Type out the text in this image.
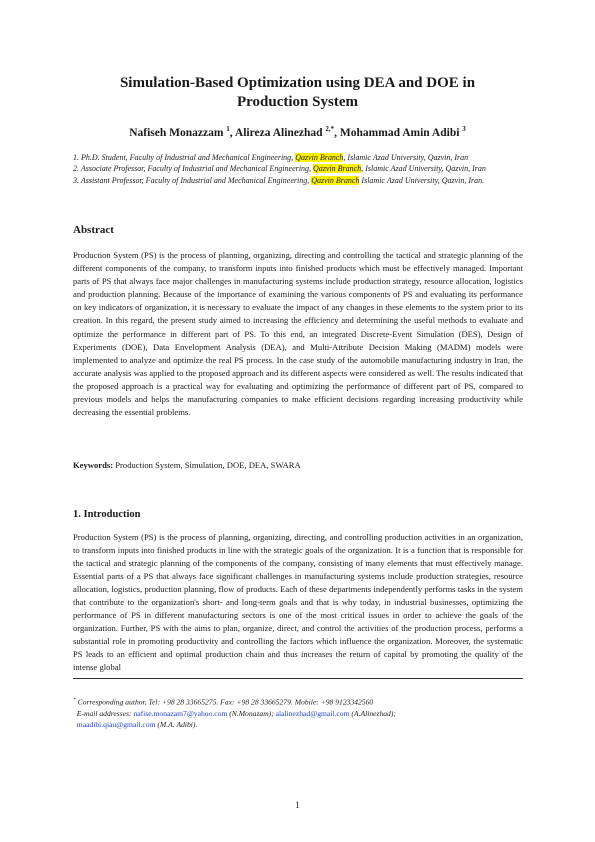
Simulation-Based Optimization using DEA and DOE in
Production System
Nafiseh Monazzam $^1$, Alireza Alinezhad $^{2,*}$, Mohammad Amin Adibi $^3$

1. Ph.D. Student, Faculty of Industrial and Mechanical Engineering, Qazvin Branch, Islamic Azad University, Qazvin, Iran

2. Associate Professor, Faculty of Industrial and Mechanical Engineering, Qazvin Branch, Islamic Azad University, Qazvin, Iran

3. Assistant Professor, Faculty of Industrial and Mechanical Engineering, Qazvin Branch Islamic Azad University, Qazvin, Iran.

Abstract
Production System (PS) is the process of planning, organizing, directing and controlling the tactical and strategic planning of the different components of the company, to transform inputs into finished products which must be effectively managed. Important parts of PS that always face major challenges in manufacturing systems include production strategy, resource allocation, logistics and production planning. Because of the importance of examining the various components of PS and evaluating its performance on key indicators of organization, it is necessary to evaluate the impact of any changes in these elements to the system prior to its creation. In this regard, the present study aimed to increasing the efficiency and determining the useful methods to evaluate and optimize the performance in different part of PS. To this end, an integrated Discrete-Event Simulation (DES), Design of Experiments (DOE), Data Envelopment Analysis (DEA), and Multi-Attribute Decision Making (MADM) models were implemented to analyze and optimize the real PS process. In the case study of the automobile manufacturing industry in Iran, the accurate analysis was applied to the proposed approach and its different aspects were considered as well. The results indicated that the proposed approach is a practical way for evaluating and optimizing the performance of different part of PS, compared to previous models and helps the manufacturing companies to make efficient decisions regarding increasing productivity while decreasing the essential problems.
Keywords: Production System, Simulation, DOE, DEA, SWARA
1. Introduction
Production System (PS) is the process of planning, organizing, directing, and controlling production activities in an organization, to transform inputs into finished products in line with the strategic goals of the organization. It is a function that is responsible for the tactical and strategic planning of the components of the company, consisting of many elements that must effectively manage. Essential parts of a PS that always face significant challenges in manufacturing systems include production strategies, resource allocation, logistics, production planning, flow of products. Each of these departments independently performs tasks in the system that contribute to the organization's short- and long-term goals and that is why today, in industrial businesses, optimizing the performance of PS in different manufacturing sectors is one of the most critical issues in order to achieve the goals of the organization. Further, PS with the aims to plan, organize, direct, and control the activities of the production process, performs a substantial role in promoting productivity and controlling the factors which influence the organization. Moreover, the systematic PS leads to an efficient and optimal production chain and thus increases the return of capital by promoting the quality of the intense global

* Corresponding author, Tel: +98 28 33665275. Fax: +98 28 33665279. Mobile: +98 9123342560

E-mail addresses: nafise.monazam7@yahoo.com (N.Monazam); alalinezhad@gmail.com (A.Alinezhad);

maadibi.qiau@gmail.com (M.A. Adibi).

1
